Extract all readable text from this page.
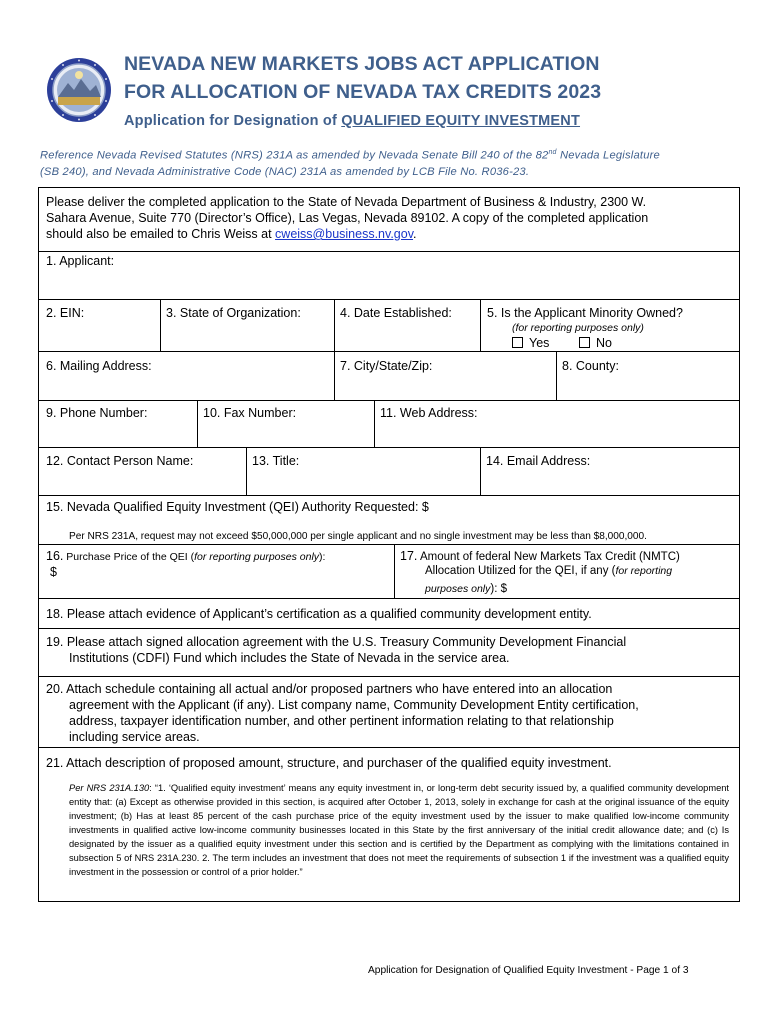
NEVADA NEW MARKETS JOBS ACT APPLICATION
FOR ALLOCATION OF NEVADA TAX CREDITS 2023
Application for Designation of QUALIFIED EQUITY INVESTMENT
Reference Nevada Revised Statutes (NRS) 231A as amended by Nevada Senate Bill 240 of the 82nd Nevada Legislature
(SB 240), and Nevada Administrative Code (NAC) 231A as amended by LCB File No. R036-23.
Please deliver the completed application to the State of Nevada Department of Business & Industry, 2300 W.
Sahara Avenue, Suite 770 (Director’s Office), Las Vegas, Nevada 89102. A copy of the completed application
should also be emailed to Chris Weiss at cweiss@business.nv.gov.
1. Applicant:
2. EIN:	3. State of Organization:	4. Date Established:	5. Is the Applicant Minority Owned?
(for reporting purposes only)
Yes	No
6. Mailing Address:	7. City/State/Zip:	8. County:
9. Phone Number:	10. Fax Number:	11. Web Address:
12. Contact Person Name:	13. Title:	14. Email Address:
15. Nevada Qualified Equity Investment (QEI) Authority Requested: $
Per NRS 231A, request may not exceed $50,000,000 per single applicant and no single investment may be less than $8,000,000.
16. Purchase Price of the QEI (for reporting purposes only):
$
17. Amount of federal New Markets Tax Credit (NMTC)
Allocation Utilized for the QEI, if any (for reporting
purposes only): $
18. Please attach evidence of Applicant’s certification as a qualified community development entity.
19. Please attach signed allocation agreement with the U.S. Treasury Community Development Financial
Institutions (CDFI) Fund which includes the State of Nevada in the service area.
20. Attach schedule containing all actual and/or proposed partners who have entered into an allocation
agreement with the Applicant (if any). List company name, Community Development Entity certification,
address, taxpayer identification number, and other pertinent information relating to that relationship
including service areas.
21. Attach description of proposed amount, structure, and purchaser of the qualified equity investment.
Per NRS 231A.130: “1. ‘Qualified equity investment’ means any equity investment in, or long-term debt security issued by, a qualified community development entity that: (a) Except as otherwise provided in this section, is acquired after October 1, 2013, solely in exchange for cash at the original issuance of the equity investment; (b) Has at least 85 percent of the cash purchase price of the equity investment used by the issuer to make qualified low-income community investments in qualified active low-income community businesses located in this State by the first anniversary of the initial credit allowance date; and (c) Is designated by the issuer as a qualified equity investment under this section and is certified by the Department as complying with the limitations contained in subsection 5 of NRS 231A.230. 2. The term includes an investment that does not meet the requirements of subsection 1 if the investment was a qualified equity investment in the possession or control of a prior holder.”
Application for Designation of Qualified Equity Investment - Page 1 of 3
